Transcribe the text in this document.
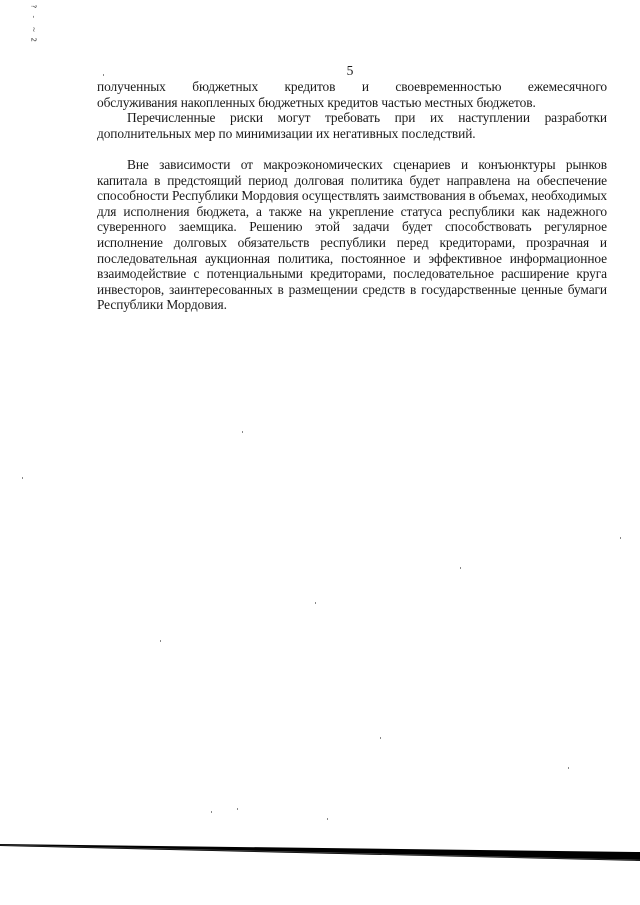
?
-
~
2
5

полученных бюджетных кредитов и своевременностью ежемесячного

обслуживания накопленных бюджетных кредитов частью местных бюджетов.

Перечисленные риски могут требовать при их наступлении разработки дополнительных мер по минимизации их негативных последствий.

Вне зависимости от макроэкономических сценариев и конъюнктуры рынков капитала в предстоящий период долговая политика будет направлена на обеспечение способности Республики Мордовия осуществлять заимствования в объемах, необходимых для исполнения бюджета, а также на укрепление статуса республики как надежного суверенного заемщика. Решению этой задачи будет способствовать регулярное исполнение долговых обязательств республики перед кредиторами, прозрачная и последовательная аукционная политика, постоянное и эффективное информационное взаимодействие с потенциальными кредиторами, последовательное расширение круга инвесторов, заинтересованных в размещении средств в государственные ценные бумаги Республики Мордовия.
